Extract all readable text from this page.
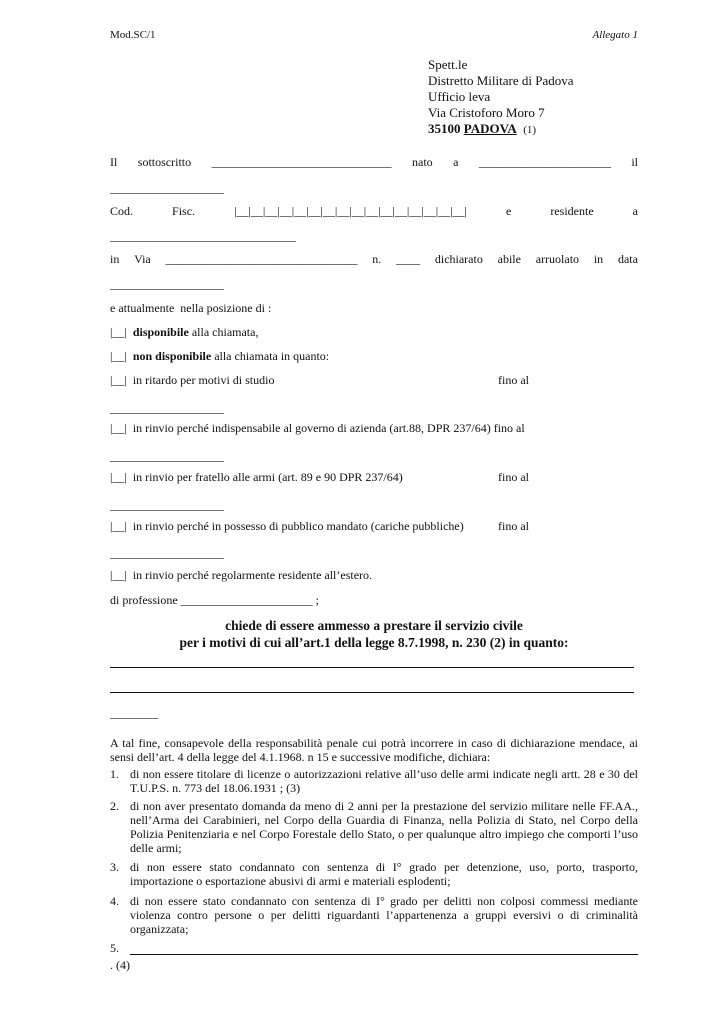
Mod.SC/1	Allegato 1
Spett.le
Distretto Militare di Padova
Ufficio leva
Via Cristoforo Moro 7
35100 PADOVA (1)
Il sottoscritto ______________________________ nato a ______________________ il
___________________
Cod.	Fisc.	|__|__|__|__|__|__|__|__|__|__|__|__|__|__|__|__|	e	residente	a
_______________________________
in Via ________________________________ n. ____ dichiarato abile arruolato in data
___________________
e attualmente  nella posizione di :
|__| disponibile alla chiamata,
|__| non disponibile alla chiamata in quanto:
|__| in ritardo per motivi di studio	fino al
___________________
|__| in rinvio perché indispensabile al governo di azienda (art.88, DPR 237/64) fino al
___________________
|__| in rinvio per fratello alle armi (art. 89 e 90 DPR 237/64)	fino al
___________________
|__| in rinvio perché in possesso di pubblico mandato (cariche pubbliche)	fino al
___________________
|__| in rinvio perché regolarmente residente all’estero.
di professione ______________________ ;
chiede di essere ammesso a prestare il servizio civile
per i motivi di cui all’art.1 della legge 8.7.1998, n. 230 (2) in quanto:
________
A tal fine, consapevole della responsabilità penale cui potrà incorrere in caso di dichiarazione mendace, ai sensi dell’art. 4 della legge del 4.1.1968. n 15 e successive modifiche, dichiara:
1. di non essere titolare di licenze o autorizzazioni relative all’uso delle armi indicate negli artt. 28 e 30 del T.U.P.S. n. 773 del 18.06.1931 ; (3)
2. di non aver presentato domanda da meno di 2 anni per la prestazione del servizio militare nelle FF.AA., nell’Arma dei Carabinieri, nel Corpo della Guardia di Finanza, nella Polizia di Stato, nel Corpo della Polizia Penitenziaria e nel Corpo Forestale dello Stato, o per qualunque altro impiego che comporti l’uso delle armi;
3. di non essere stato condannato con sentenza di I° grado per detenzione, uso, porto, trasporto, importazione o esportazione abusivi di armi e materiali esplodenti;
4. di non essere stato condannato con sentenza di I° grado per delitti non colposi commessi mediante violenza contro persone o per delitti riguardanti l’appartenenza a gruppi eversivi o di criminalità organizzata;
5.
. (4)
